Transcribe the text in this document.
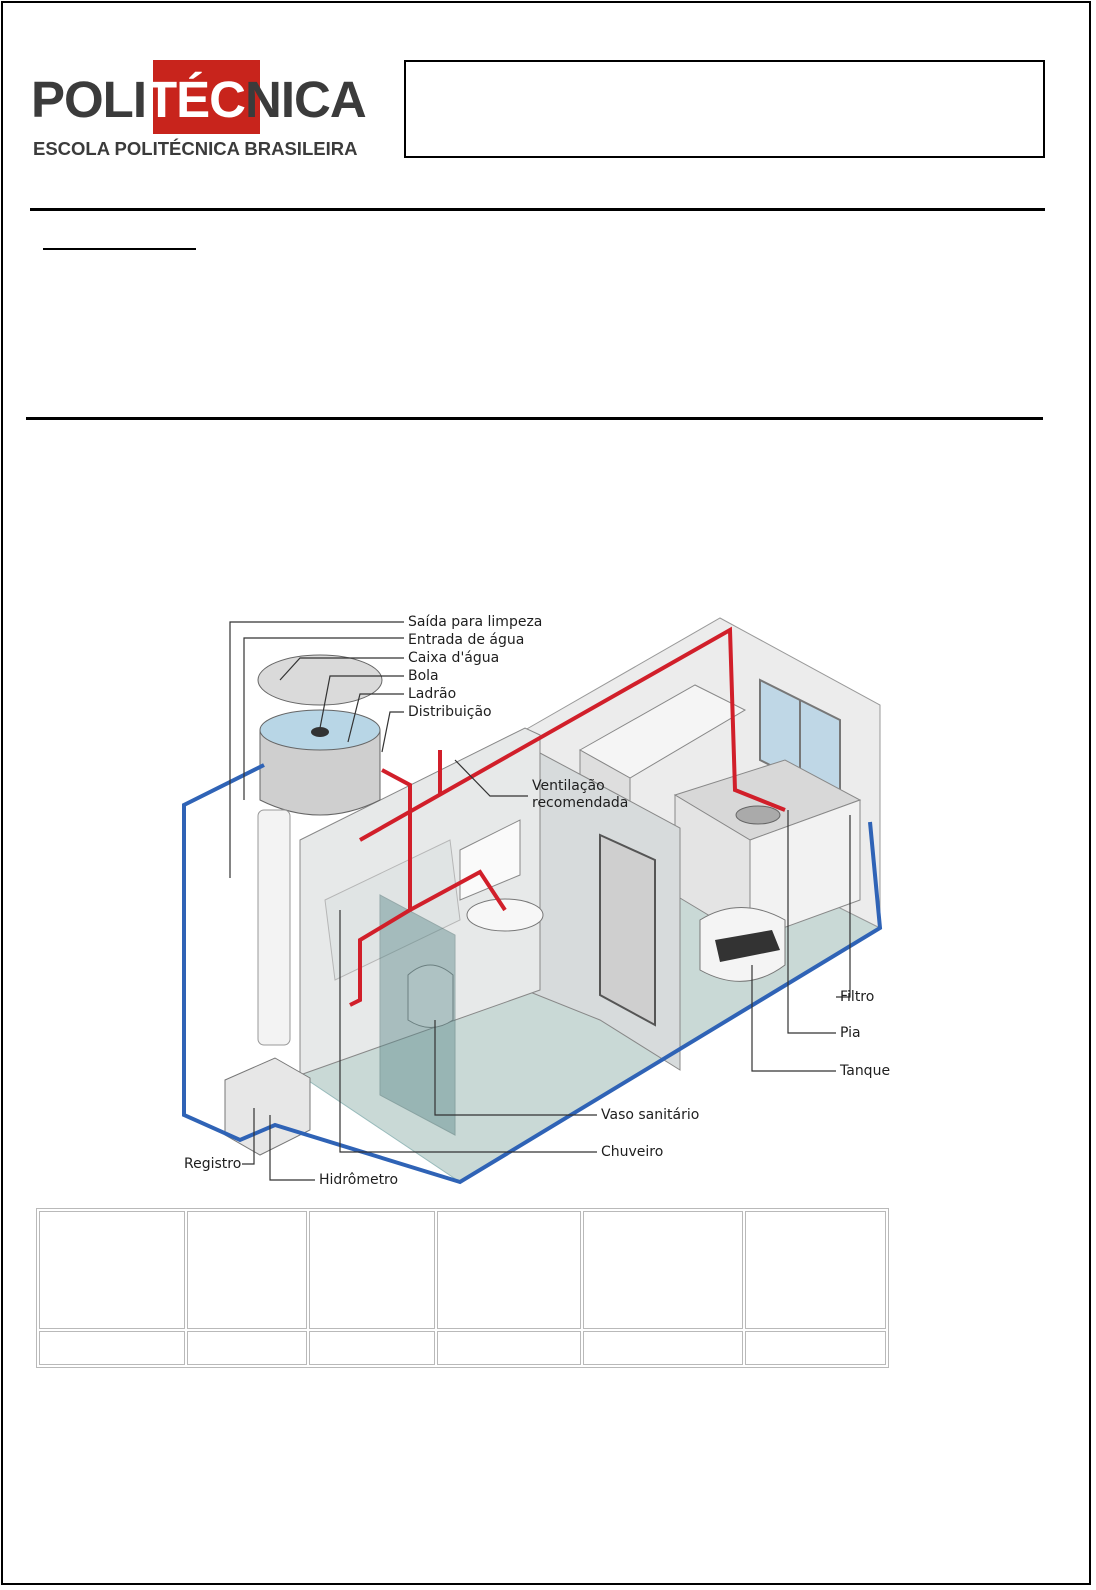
POLITÉCNICA
ESCOLA POLITÉCNICA BRASILEIRA
Saída para limpeza
Entrada de água
Caixa d'água
Bola
Ladrão
Distribuição
Ventilação recomendada
Filtro
Pia
Tanque
Vaso sanitário
Chuveiro
Registro
Hidrômetro
